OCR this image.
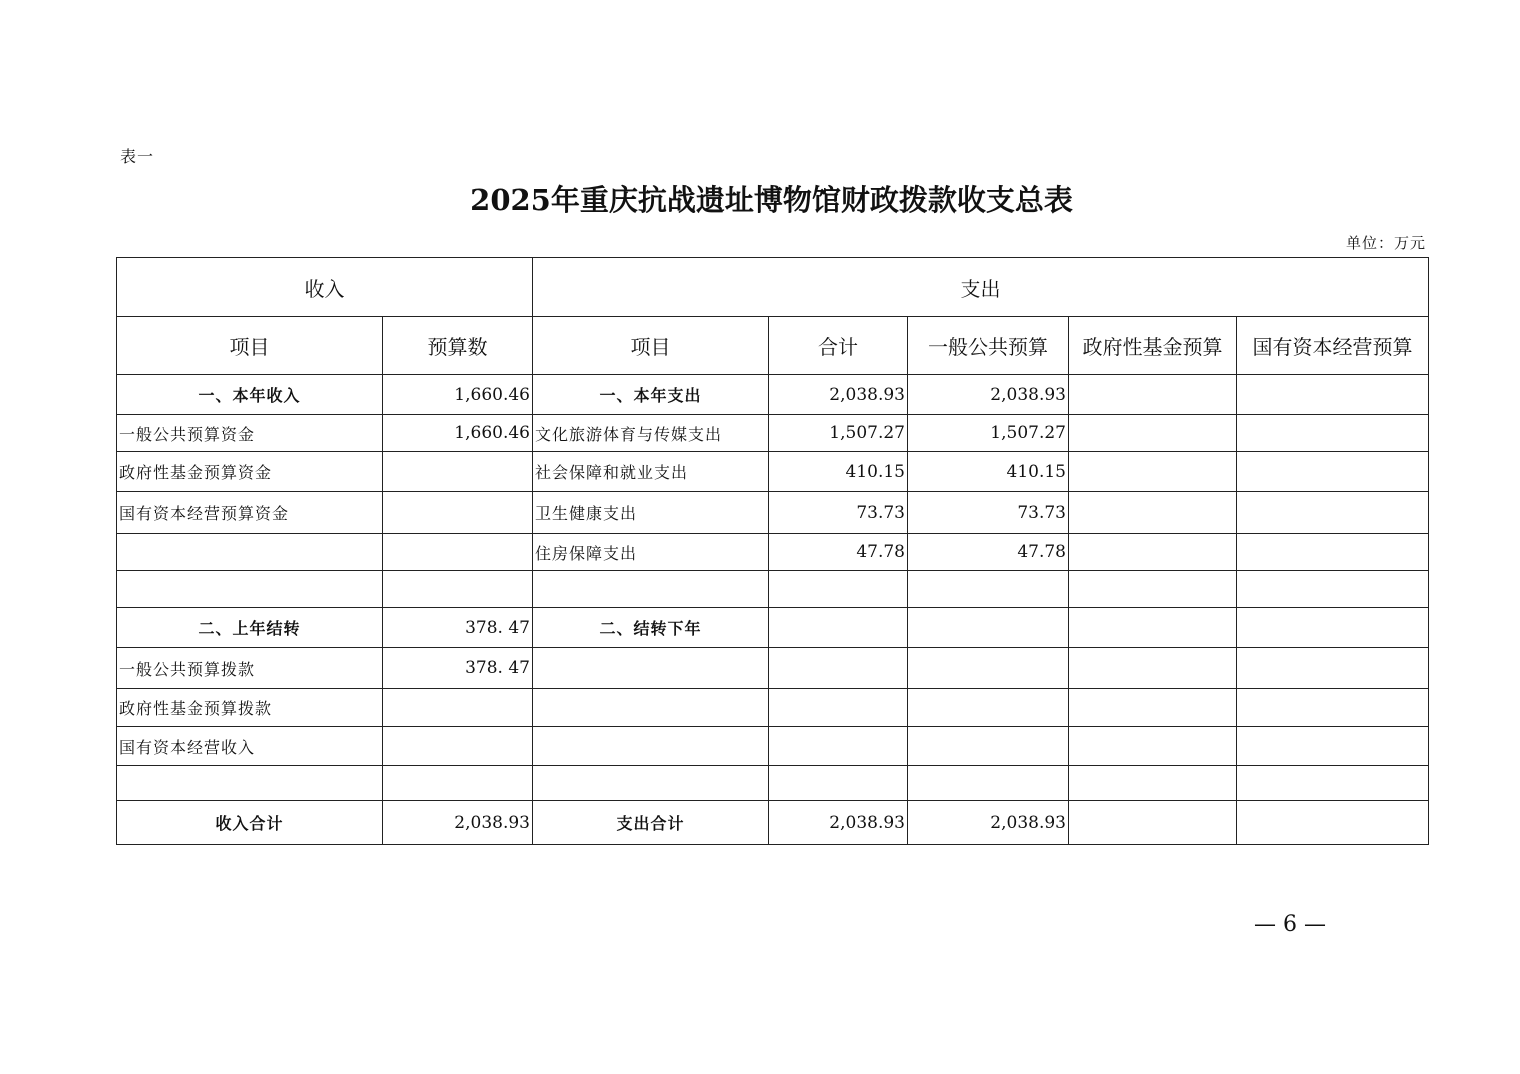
表一
2025年重庆抗战遗址博物馆财政拨款收支总表
单位：万元
收入		支出				
项目	预算数	项目	合计	一般公共预算	政府性基金预算	国有资本经营预算
一、本年收入	1,660.46	一、本年支出	2,038.93	2,038.93		
一般公共预算资金	1,660.46	文化旅游体育与传媒支出	1,507.27	1,507.27		
政府性基金预算资金		社会保障和就业支出	410.15	410.15		
国有资本经营预算资金		卫生健康支出	73.73	73.73		
		住房保障支出	47.78	47.78		

二、上年结转	378. 47	二、结转下年				
一般公共预算拨款	378. 47					
政府性基金预算拨款						
国有资本经营收入						

收入合计	2,038.93	支出合计	2,038.93	2,038.93		
— 6 —
